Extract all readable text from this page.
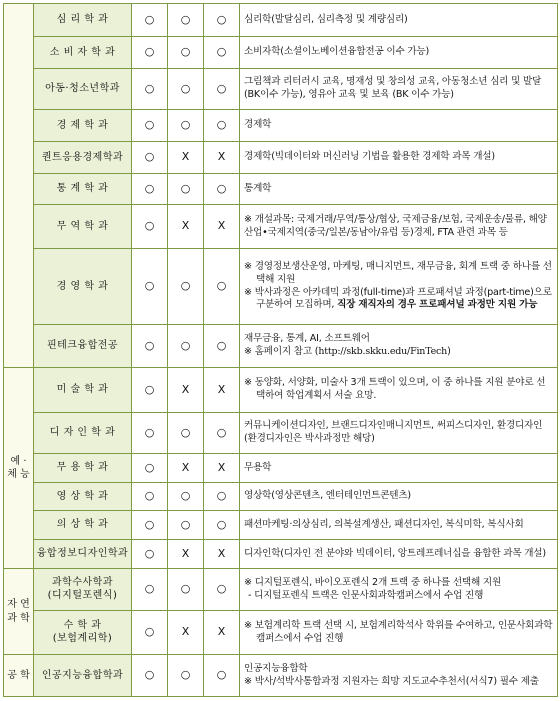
	심 리 학 과	○	○	○	심리학(발달심리, 심리측정 및 계량심리)
	소 비 자 학 과	○	○	○	소비자학(소셜이노베이션융합전공 이수 가능)
	아동·청소년학과	○	○	○	그림책과 리터러시 교육, 명재성 및 창의성 교육, 아동청소년 심리 및 발달(BK이수 가능), 영유아 교육 및 보육 (BK 이수 가능)
	경 제 학 과	○	○	○	경제학
	퀀트응용경제학과	○	X	X	경제학(빅데이터와 머신러닝 기법을 활용한 경제학 과목 개설)
	통 계 학 과	○	○	○	통계학
	무 역 학 과	○	X	X	※ 개설과목: 국제거래/무역/통상/협상, 국제금융/보험, 국제운송/물류, 해양산업•국제지역(중국/일본/동남아/유럽 등)경제, FTA 관련 과목 등
	경 영 학 과	○	○	○	※ 경영정보생산운영, 마케팅, 매니지먼트, 재무금융, 회계 트랙 중 하나를 선택해 지원
※ 박사과정은 아카데믹 과정(full-time)과 프로패셔널 과정(part-time)으로 구분하여 모집하며, 직장 재직자의 경우 프로패셔널 과정만 지원 가능

	핀테크융합전공	○	○	○	재무금융, 통계, AI, 소프트웨어
※ 홈페이지 참고 (http://skb.skku.edu/FinTech)

예 · 체 능	미 술 학 과	○	X	X	※ 동양화, 서양화, 미술사 3개 트랙이 있으며, 이 중 하나를 지원 분야로 선택하여 학업계획서 서술 요망.

	디 자 인 학 과	○	○	○	커뮤니케이션디자인, 브랜드디자인매니지먼트, 써피스디자인, 환경디자인(환경디자인은 박사과정만 해당)
	무 용 학 과	○	X	X	무용학
	영 상 학 과	○	○	○	영상학(영상콘텐츠, 엔터테인먼트콘텐츠)
	의 상 학 과	○	○	○	패션마케팅·의상심리, 의복설계생산, 패션디자인, 복식미학, 복식사회
	융합정보디자인학과	○	X	X	디자인학(디자인 전 분야와 빅데이터, 앙트레프레너십을 융합한 과목 개설)
자 연 과 학	과학수사학과
(디지털포렌식)	○	○	○	※ 디지털포렌식, 바이오포렌식 2개 트랙 중 하나를 선택해 지원
- 디지털포렌식 트랙은 인문사회과학캠퍼스에서 수업 진행

	수 학 과
(보험계리학)	○	X	X	※ 보험계리학 트랙 선택 시, 보험계리학석사 학위를 수여하고, 인문사회과학캠퍼스에서 수업 진행

공 학	인공지능융합학과	○	○	○	인공지능융합학
※ 박사/석박사통합과정 지원자는 희망 지도교수추천서(서식7) 필수 제출
